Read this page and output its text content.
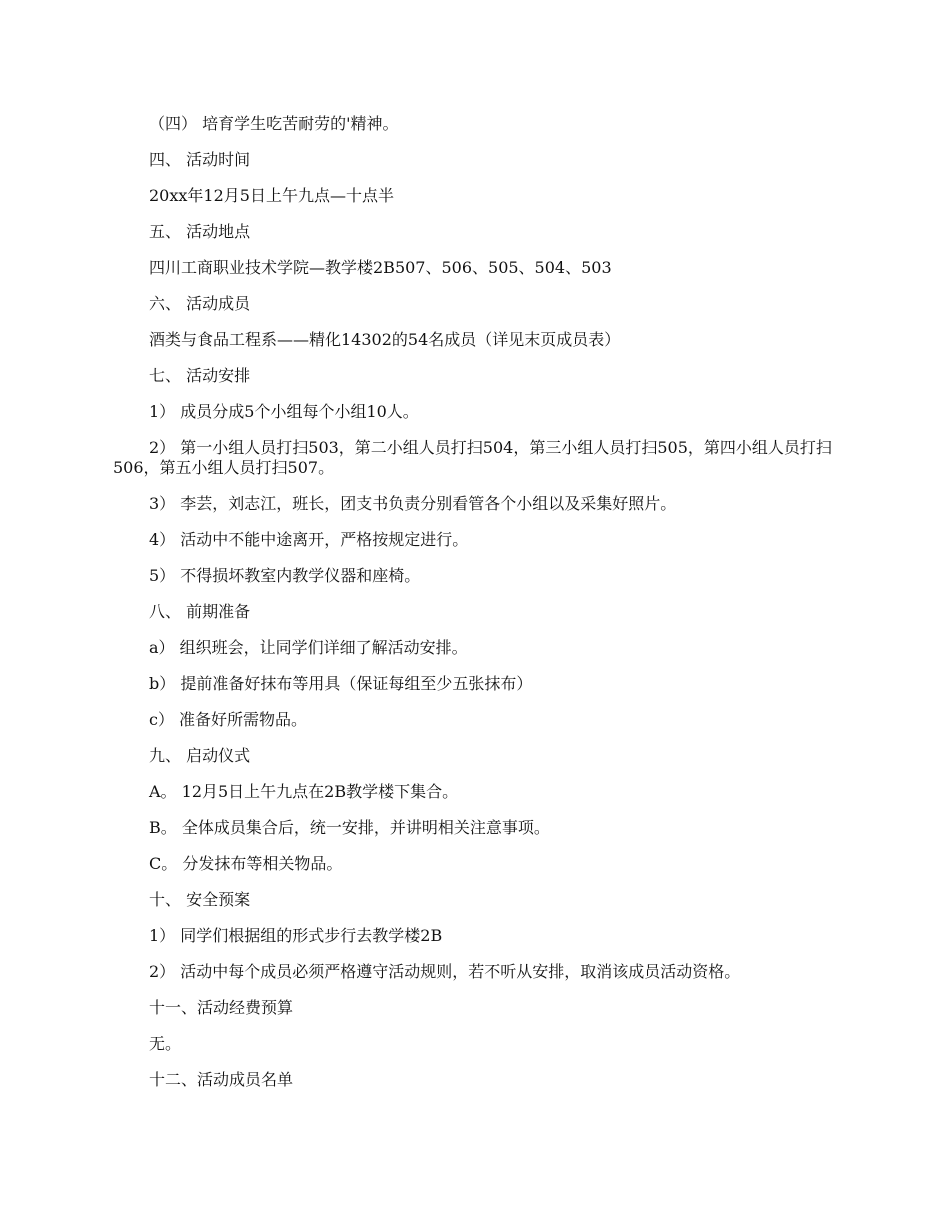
（四） 培育学生吃苦耐劳的'精神。

四、 活动时间

20xx年12月5日上午九点—十点半

五、 活动地点

四川工商职业技术学院—教学楼2B507、506、505、504、503

六、 活动成员

酒类与食品工程系——精化14302的54名成员（详见末页成员表）

七、 活动安排

1） 成员分成5个小组每个小组10人。

2） 第一小组人员打扫503，第二小组人员打扫504，第三小组人员打扫505，第四小组人员打扫506，第五小组人员打扫507。

3） 李芸，刘志江，班长，团支书负责分别看管各个小组以及采集好照片。

4） 活动中不能中途离开，严格按规定进行。

5） 不得损坏教室内教学仪器和座椅。

八、 前期准备

a） 组织班会，让同学们详细了解活动安排。

b） 提前准备好抹布等用具（保证每组至少五张抹布）

c） 准备好所需物品。

九、 启动仪式

A。 12月5日上午九点在2B教学楼下集合。

B。 全体成员集合后，统一安排，并讲明相关注意事项。

C。 分发抹布等相关物品。

十、 安全预案

1） 同学们根据组的形式步行去教学楼2B

2） 活动中每个成员必须严格遵守活动规则，若不听从安排，取消该成员活动资格。

十一、活动经费预算

无。

十二、活动成员名单
